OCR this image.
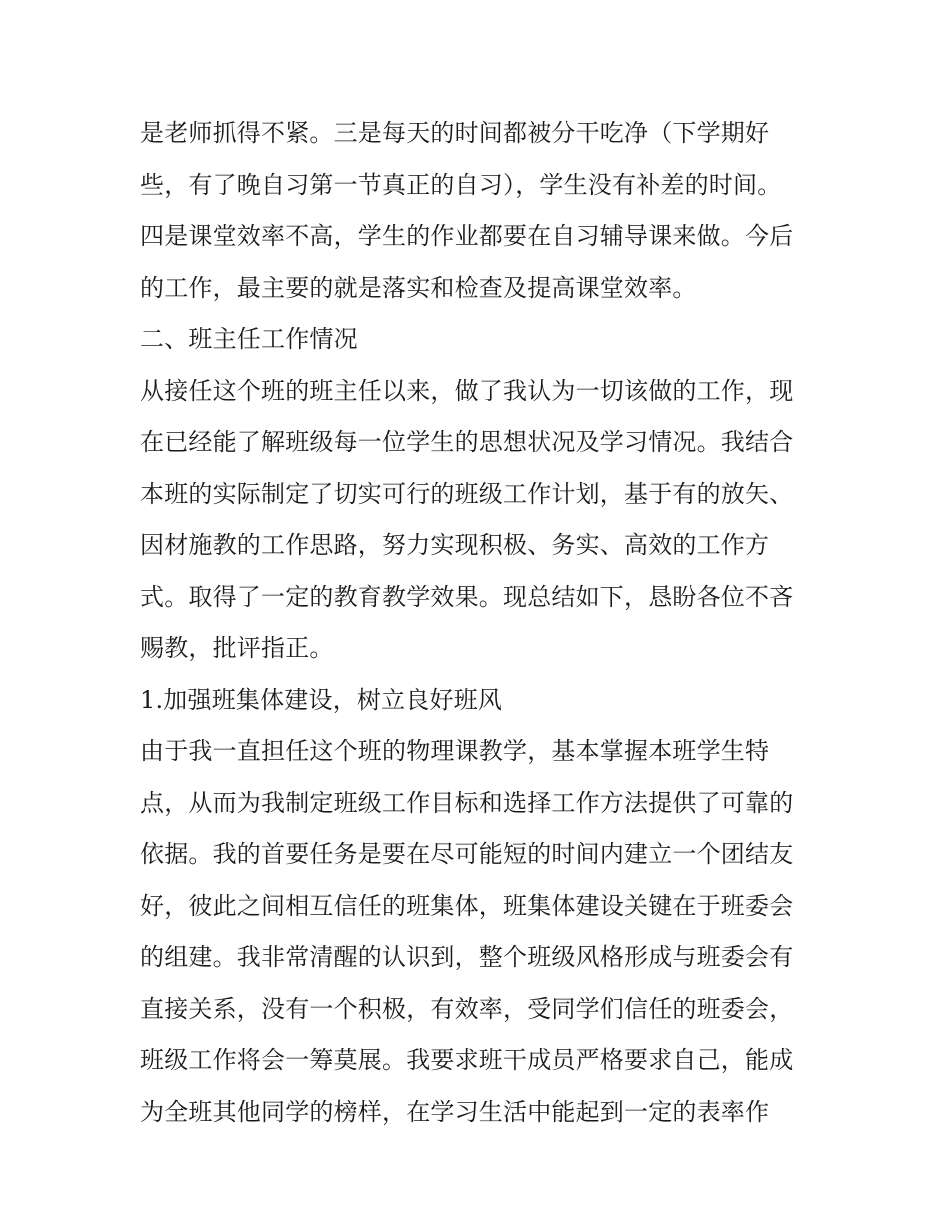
是老师抓得不紧。三是每天的时间都被分干吃净（下学期好
些，有了晚自习第一节真正的自习），学生没有补差的时间。
四是课堂效率不高，学生的作业都要在自习辅导课来做。今后
的工作，最主要的就是落实和检查及提高课堂效率。
二、班主任工作情况
从接任这个班的班主任以来，做了我认为一切该做的工作，现
在已经能了解班级每一位学生的思想状况及学习情况。我结合
本班的实际制定了切实可行的班级工作计划，基于有的放矢、
因材施教的工作思路，努力实现积极、务实、高效的工作方
式。取得了一定的教育教学效果。现总结如下，恳盼各位不吝
赐教，批评指正。
1.加强班集体建设，树立良好班风
由于我一直担任这个班的物理课教学，基本掌握本班学生特
点，从而为我制定班级工作目标和选择工作方法提供了可靠的
依据。我的首要任务是要在尽可能短的时间内建立一个团结友
好，彼此之间相互信任的班集体，班集体建设关键在于班委会
的组建。我非常清醒的认识到，整个班级风格形成与班委会有
直接关系，没有一个积极，有效率，受同学们信任的班委会，
班级工作将会一筹莫展。我要求班干成员严格要求自己，能成
为全班其他同学的榜样，在学习生活中能起到一定的表率作
